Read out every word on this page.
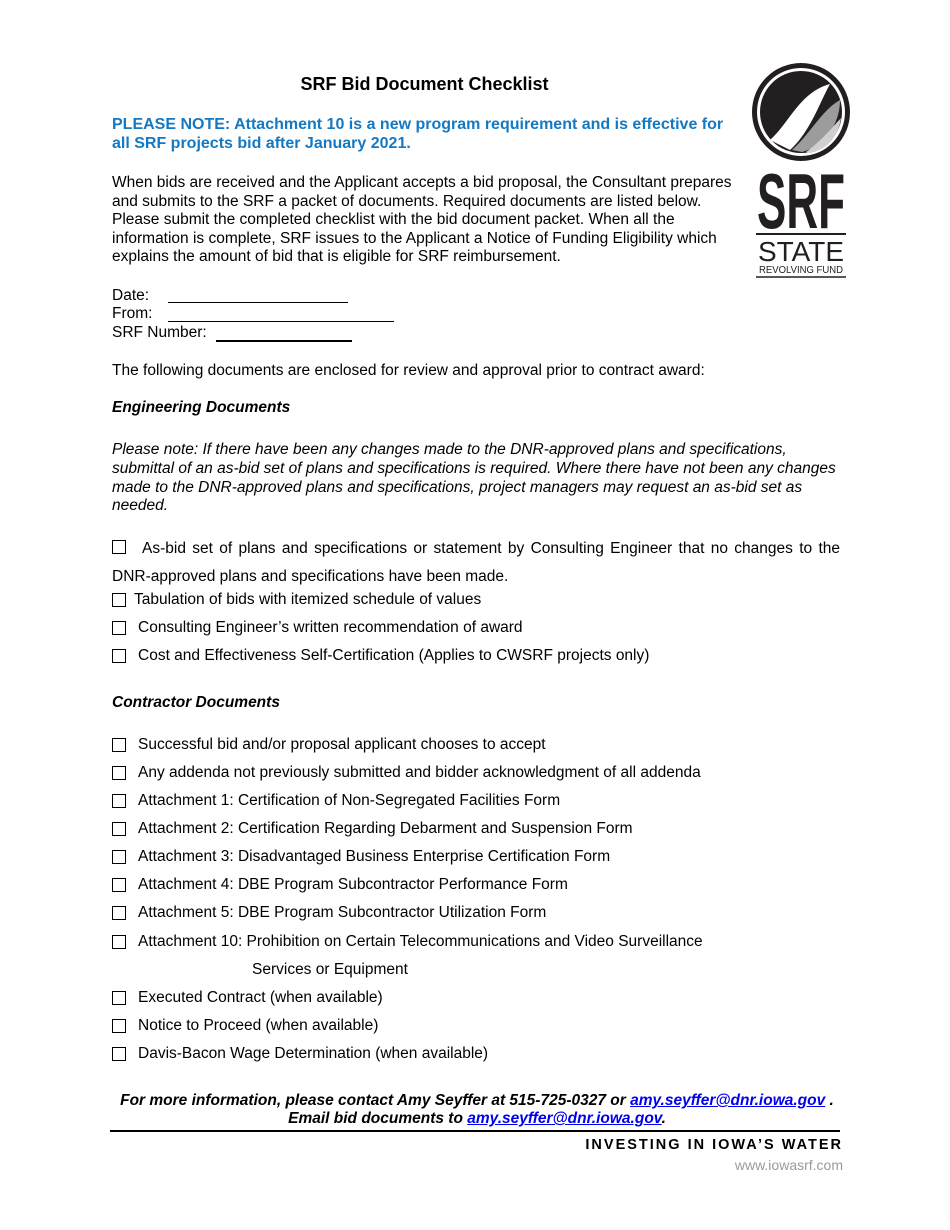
SRF Bid Document Checklist
PLEASE NOTE: Attachment 10 is a new program requirement and is effective for all SRF projects bid after January 2021.
When bids are received and the Applicant accepts a bid proposal, the Consultant prepares and submits to the SRF a packet of documents. Required documents are listed below. Please submit the completed checklist with the bid document packet. When all the information is complete, SRF issues to the Applicant a Notice of Funding Eligibility which explains the amount of bid that is eligible for SRF reimbursement.
SRF
STATE
REVOLVING FUND
Date:
From:
SRF Number:
The following documents are enclosed for review and approval prior to contract award:
Engineering Documents
Please note: If there have been any changes made to the DNR-approved plans and specifications, submittal of an as-bid set of plans and specifications is required. Where there have not been any changes made to the DNR-approved plans and specifications, project managers may request an as-bid set as needed.
As-bid set of plans and specifications or statement by Consulting Engineer that no changes to the DNR-approved plans and specifications have been made.
Tabulation of bids with itemized schedule of values
Consulting Engineer’s written recommendation of award
Cost and Effectiveness Self-Certification (Applies to CWSRF projects only)
Contractor Documents
Successful bid and/or proposal applicant chooses to accept
Any addenda not previously submitted and bidder acknowledgment of all addenda
Attachment 1: Certification of Non-Segregated Facilities Form
Attachment 2: Certification Regarding Debarment and Suspension Form
Attachment 3: Disadvantaged Business Enterprise Certification Form
Attachment 4: DBE Program Subcontractor Performance Form
Attachment 5: DBE Program Subcontractor Utilization Form
Attachment 10: Prohibition on Certain Telecommunications and Video Surveillance
Services or Equipment
Executed Contract (when available)
Notice to Proceed (when available)
Davis-Bacon Wage Determination (when available)
For more information, please contact Amy Seyffer at 515-725-0327 or amy.seyffer@dnr.iowa.gov .
Email bid documents to amy.seyffer@dnr.iowa.gov.
INVESTING IN IOWA’S WATER
www.iowasrf.com
